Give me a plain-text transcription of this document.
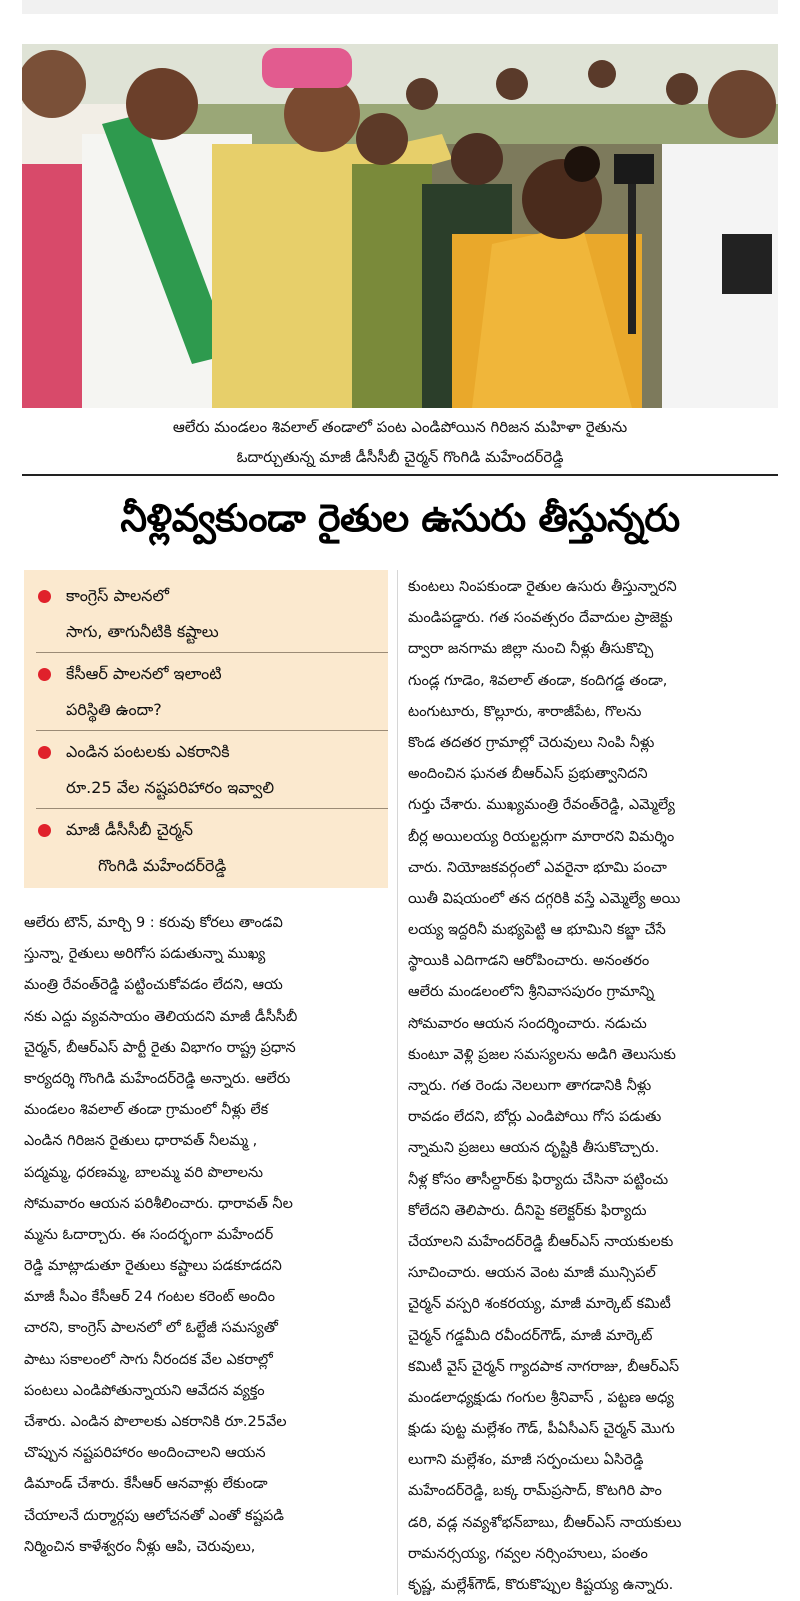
ఆలేరు మండలం శివలాల్ తండాలో పంట ఎండిపోయిన గిరిజన మహిళా రైతును
ఓదార్చుతున్న మాజీ డీసీసీబీ చైర్మన్ గొంగిడి మహేందర్‌రెడ్డి
నీళ్లివ్వకుండా రైతుల ఉసురు తీస్తున్నరు
కాంగ్రెస్ పాలనలో
సాగు, తాగునీటికి కష్టాలు
కేసీఆర్ పాలనలో ఇలాంటి
పరిస్థితి ఉందా?
ఎండిన పంటలకు ఎకరానికి
రూ.25 వేల నష్టపరిహారం ఇవ్వాలి
మాజీ డీసీసీబీ చైర్మన్
గొంగిడి మహేందర్‌రెడ్డి
ఆలేరు టౌన్, మార్చి 9 : కరువు కోరలు తాండవి
స్తున్నా, రైతులు అరిగోస పడుతున్నా ముఖ్య
మంత్రి రేవంత్‌రెడ్డి పట్టించుకోవడం లేదని, ఆయ
నకు ఎద్దు వ్యవసాయం తెలియదని మాజీ డీసీసీబీ
చైర్మన్, బీఆర్ఎస్ పార్టీ రైతు విభాగం రాష్ట్ర ప్రధాన
కార్యదర్శి గొంగిడి మహేందర్‌రెడ్డి అన్నారు. ఆలేరు
మండలం శివలాల్ తండా గ్రామంలో నీళ్లు లేక
ఎండిన గిరిజన రైతులు ధారావత్ నీలమ్మ ,
పద్మమ్మ, ధరణమ్మ, బాలమ్మ వరి పొలాలను
సోమవారం ఆయన పరిశీలించారు. ధారావత్ నీల
మ్మను ఓదార్చారు. ఈ సందర్భంగా మహేందర్
రెడ్డి మాట్లాడుతూ రైతులు కష్టాలు పడకూడదని
మాజీ సీఎం కేసీఆర్ 24 గంటల కరెంట్ అందిం
చారని, కాంగ్రెస్ పాలనలో లో ఓల్టేజీ సమస్యతో
పాటు సకాలంలో సాగు నీరందక వేల ఎకరాల్లో
పంటలు ఎండిపోతున్నాయని ఆవేదన వ్యక్తం
చేశారు. ఎండిన పొలాలకు ఎకరానికి రూ.25వేల
చొప్పున నష్టపరిహారం అందించాలని ఆయన
డిమాండ్ చేశారు. కేసీఆర్ ఆనవాళ్లు లేకుండా
చేయాలనే దుర్మార్గపు ఆలోచనతో ఎంతో కష్టపడి
నిర్మించిన కాళేశ్వరం నీళ్లు ఆపి, చెరువులు,
కుంటలు నింపకుండా రైతుల ఉసురు తీస్తున్నారని
మండిపడ్డారు. గత సంవత్సరం దేవాదుల ప్రాజెక్టు
ద్వారా జనగామ జిల్లా నుంచి నీళ్లు తీసుకొచ్చి
గుండ్ల గూడెం, శివలాల్ తండా, కందిగడ్డ తండా,
టంగుటూరు, కొల్లూరు, శారాజీపేట, గొలను
కొండ తదతర గ్రామాల్లో చెరువులు నింపి నీళ్లు
అందించిన ఘనత బీఆర్ఎస్ ప్రభుత్వానిదని
గుర్తు చేశారు. ముఖ్యమంత్రి రేవంత్‌రెడ్డి, ఎమ్మెల్యే
బీర్ల అయిలయ్య రియల్టర్లుగా మారారని విమర్శిం
చారు. నియోజకవర్గంలో ఎవరైనా భూమి పంచా
యితీ విషయంలో తన దగ్గరికి వస్తే ఎమ్మెల్యే అయి
లయ్య ఇద్దరినీ మభ్యపెట్టి ఆ భూమిని కబ్జా చేసే
స్థాయికి ఎదిగాడని ఆరోపించారు. అనంతరం
ఆలేరు మండలంలోని శ్రీనివాసపురం గ్రామాన్ని
సోమవారం ఆయన సందర్శించారు. నడుచు
కుంటూ వెళ్లి ప్రజల సమస్యలను అడిగి తెలుసుకు
న్నారు. గత రెండు నెలలుగా తాగడానికి నీళ్లు
రావడం లేదని, బోర్లు ఎండిపోయి గోస పడుతు
న్నామని ప్రజలు ఆయన దృష్టికి తీసుకొచ్చారు.
నీళ్ల కోసం తాసీల్దార్‌కు ఫిర్యాదు చేసినా పట్టించు
కోలేదని తెలిపారు. దీనిపై కలెక్టర్‌కు ఫిర్యాదు
చేయాలని మహేందర్‌రెడ్డి బీఆర్ఎస్ నాయకులకు
సూచించారు. ఆయన వెంట మాజీ మున్సిపల్
చైర్మన్ వస్పరి శంకరయ్య, మాజీ మార్కెట్ కమిటీ
చైర్మన్ గడ్డమీది రవీందర్‌గౌడ్, మాజీ మార్కెట్
కమిటీ వైస్ చైర్మన్ గ్యాదపాక నాగరాజు, బీఆర్ఎస్
మండలాధ్యక్షుడు గంగుల శ్రీనివాస్ , పట్టణ అధ్య
క్షుడు పుట్ట మల్లేశం గౌడ్, పీఏసీఎస్ చైర్మన్ మొగు
లుగాని మల్లేశం, మాజీ సర్పంచులు ఏసిరెడ్డి
మహేందర్‌రెడ్డి, బక్క రామ్‌ప్రసాద్, కొటగిరి పాం
డరి, వడ్ల నవ్యశోభన్‌బాబు, బీఆర్ఎస్ నాయకులు
రామనర్సయ్య, గవ్వల నర్సింహులు, పంతం
కృష్ణ, మల్లేశ్‌గౌడ్, కొరుకొప్పుల కిష్టయ్య ఉన్నారు.
